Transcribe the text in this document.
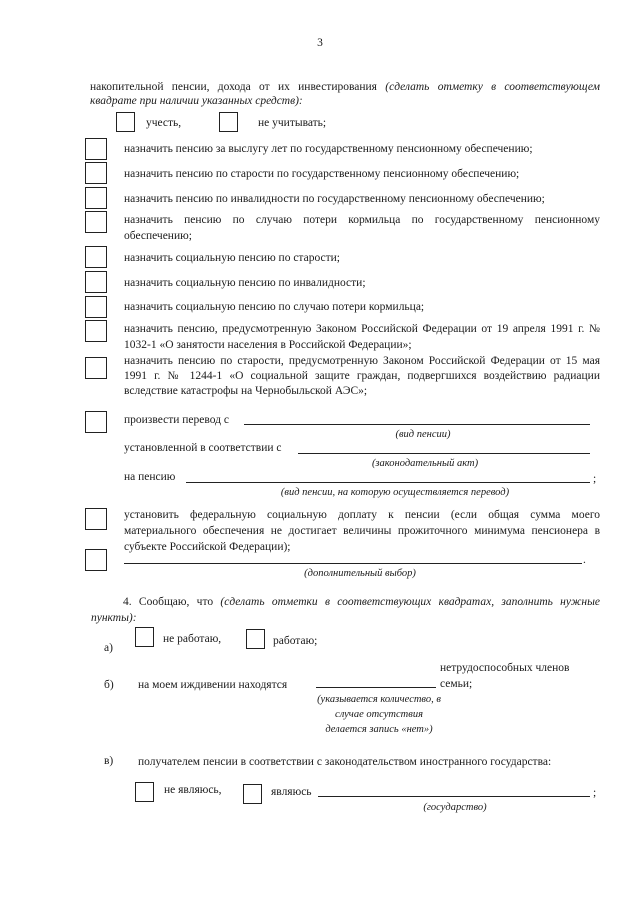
3
накопительной пенсии, дохода от их инвестирования (сделать отметку в соответствующем квадрате при наличии указанных средств):
учесть,	не учитывать;
назначить пенсию за выслугу лет по государственному пенсионному обеспечению;
назначить пенсию по старости по государственному пенсионному обеспечению;
назначить пенсию по инвалидности по государственному пенсионному обеспечению;
назначить пенсию по случаю потери кормильца по государственному пенсионному обеспечению;
назначить социальную пенсию по старости;
назначить социальную пенсию по инвалидности;
назначить социальную пенсию по случаю потери кормильца;
назначить пенсию, предусмотренную Законом Российской Федерации от 19 апреля 1991 г. № 1032-1 «О занятости населения в Российской Федерации»;
назначить пенсию по старости, предусмотренную Законом Российской Федерации от 15 мая 1991 г. № 1244-1 «О социальной защите граждан, подвергшихся воздействию радиации вследствие катастрофы на Чернобыльской АЭС»;
произвести перевод с
(вид пенсии)
установленной в соответствии с
(законодательный акт)
на пенсию	;
(вид пенсии, на которую осуществляется перевод)
установить федеральную социальную доплату к пенсии (если общая сумма моего материального обеспечения не достигает величины прожиточного минимума пенсионера в субъекте Российской Федерации);
.
(дополнительный выбор)
4. Сообщаю, что (сделать отметки в соответствующих квадратах, заполнить нужные пункты):
а)
не работаю,	работаю;
б) на моем иждивении находятся
нетрудоспособных членов
семьи;
(указывается количество, в случае отсутствия делается запись «нет»)
в) получателем пенсии в соответствии с законодательством иностранного государства:
не являюсь,	являюсь	;
(государство)
